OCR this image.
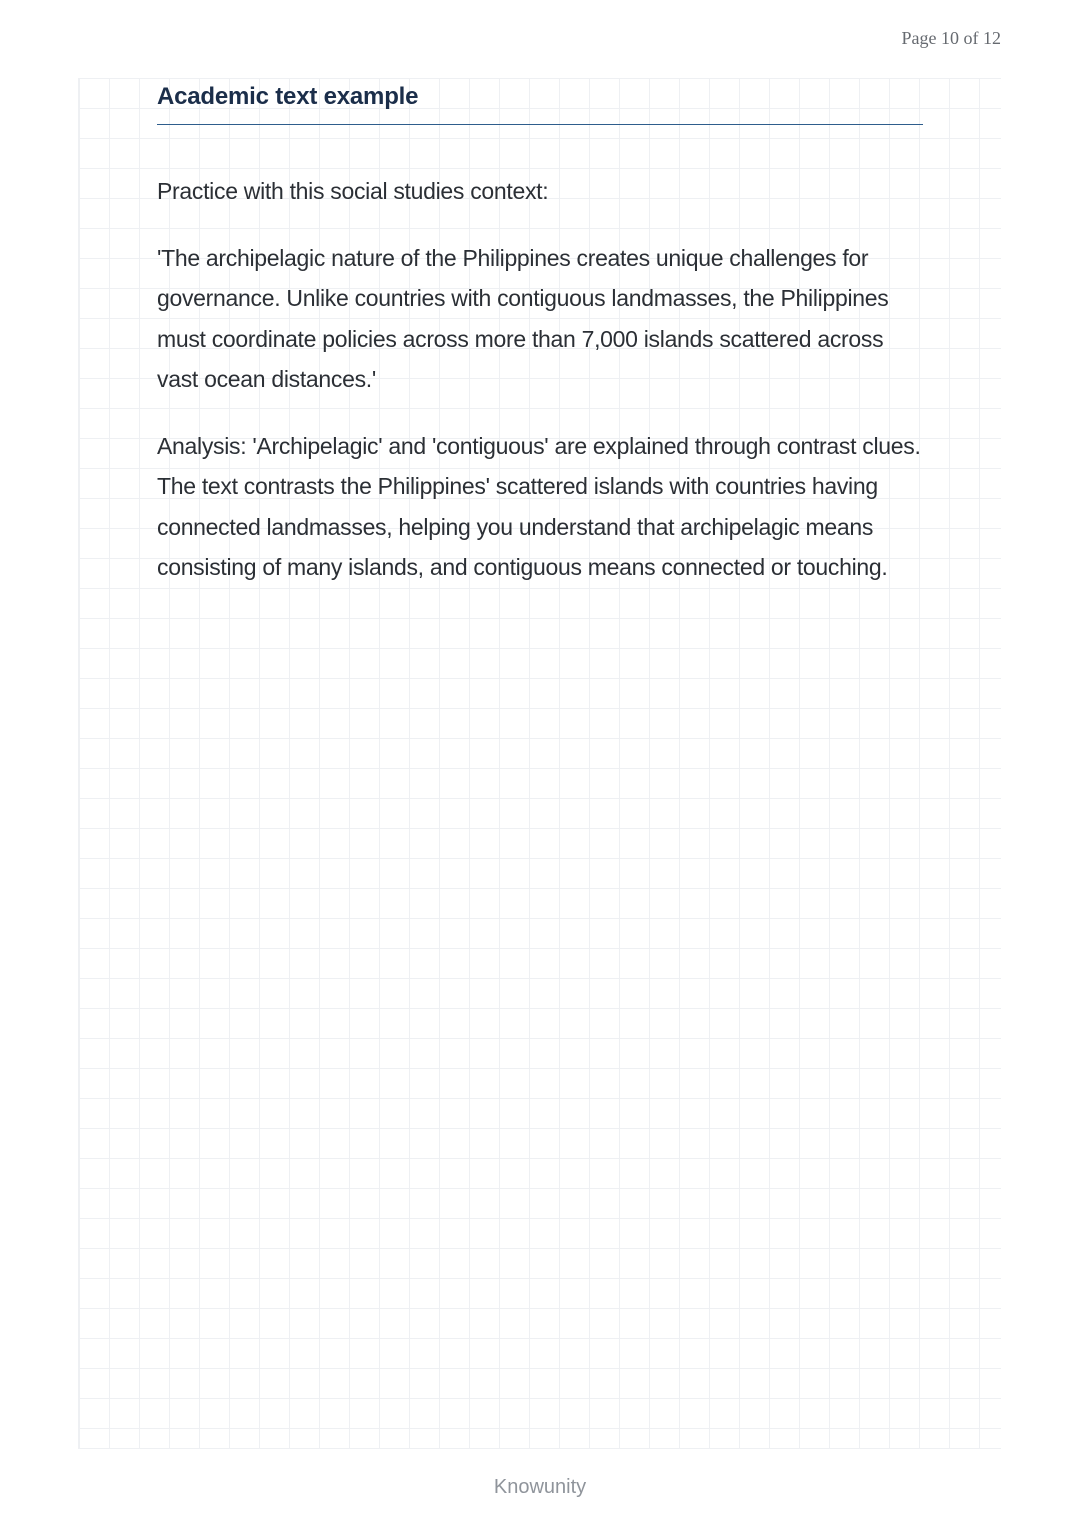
Page 10 of 12
Academic text example

Practice with this social studies context:

'The archipelagic nature of the Philippines creates unique challenges for governance. Unlike countries with contiguous landmasses, the Philippines must coordinate policies across more than 7,000 islands scattered across vast ocean distances.'

Analysis: 'Archipelagic' and 'contiguous' are explained through contrast clues. The text contrasts the Philippines' scattered islands with countries having connected landmasses, helping you understand that archipelagic means consisting of many islands, and contiguous means connected or touching.

Knowunity
